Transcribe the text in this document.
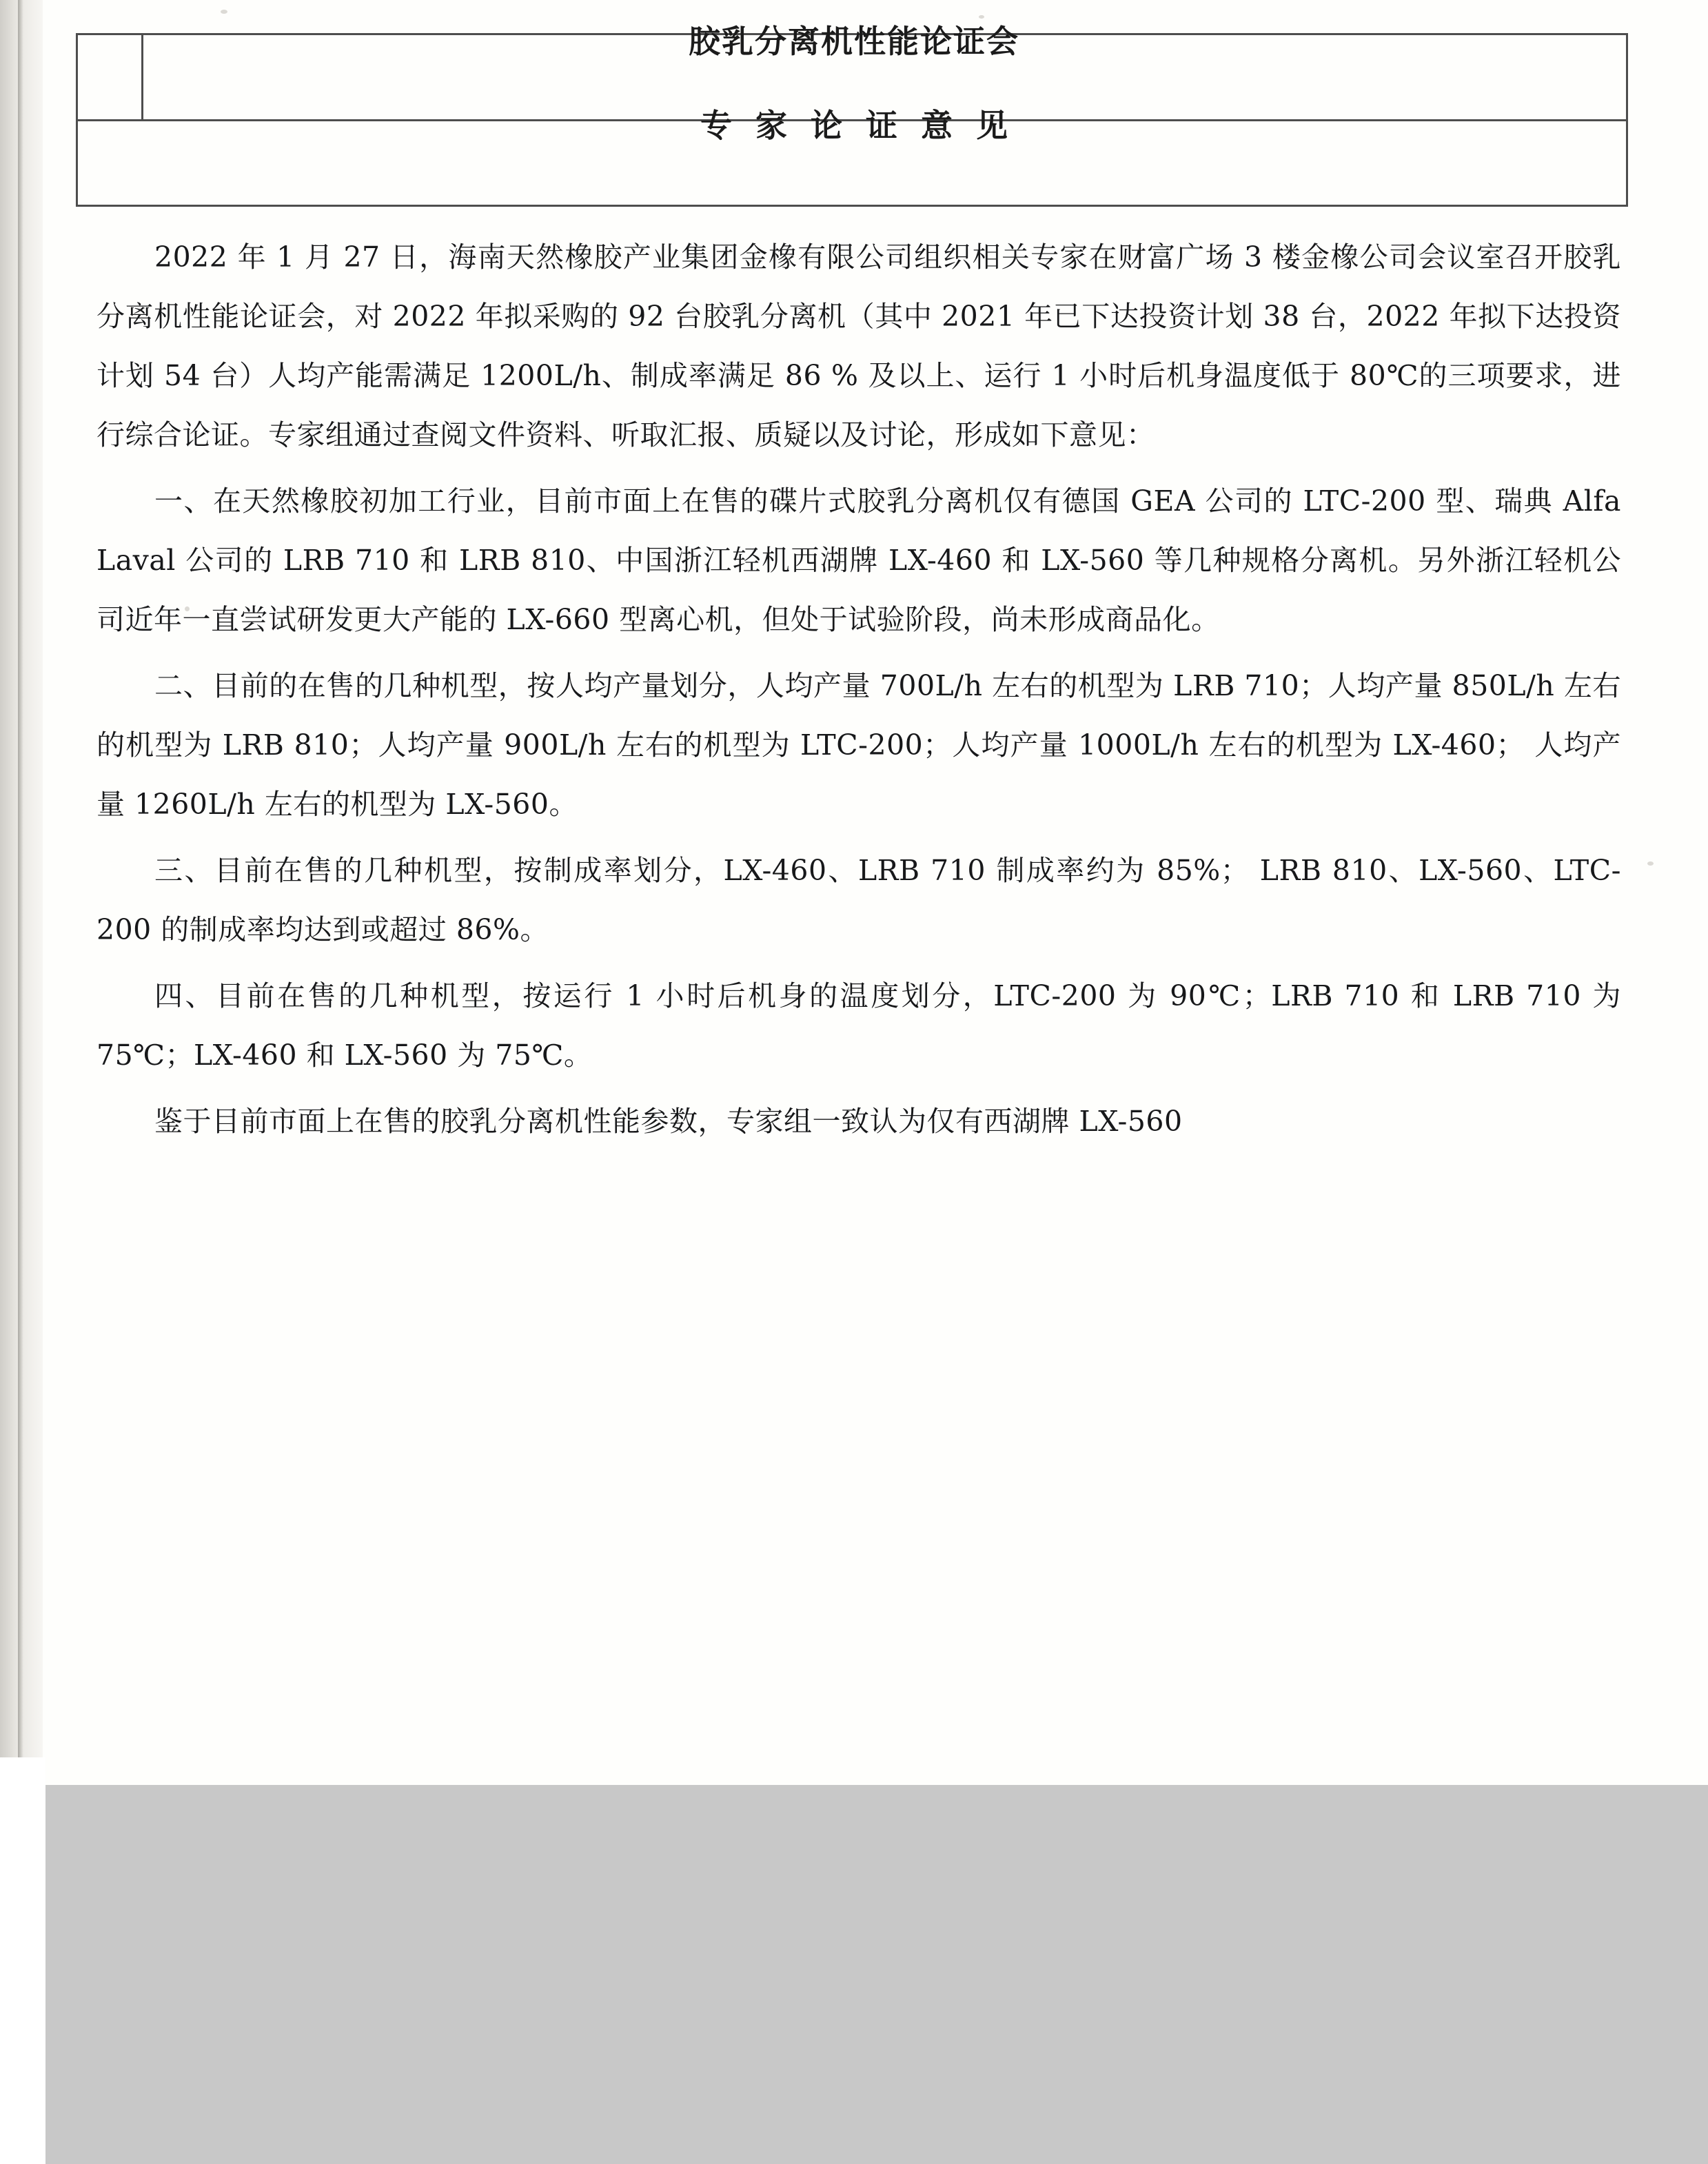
胶乳分离机性能论证会
专家论证意见

2022 年 1 月 27 日，海南天然橡胶产业集团金橡有限公司组织相关专家在财富广场 3 楼金橡公司会议室召开胶乳分离机性能论证会，对 2022 年拟采购的 92 台胶乳分离机（其中 2021 年已下达投资计划 38 台，2022 年拟下达投资计划 54 台）人均产能需满足 1200L/h、制成率满足 86 % 及以上、运行 1 小时后机身温度低于 80℃的三项要求，进行综合论证。专家组通过查阅文件资料、听取汇报、质疑以及讨论，形成如下意见：

一、在天然橡胶初加工行业，目前市面上在售的碟片式胶乳分离机仅有德国 GEA 公司的 LTC-200 型、瑞典 Alfa Laval 公司的 LRB 710 和 LRB 810、中国浙江轻机西湖牌 LX-460 和 LX-560 等几种规格分离机。另外浙江轻机公司近年一直尝试研发更大产能的 LX-660 型离心机，但处于试验阶段，尚未形成商品化。

二、目前的在售的几种机型，按人均产量划分，人均产量 700L/h 左右的机型为 LRB 710；人均产量 850L/h 左右的机型为 LRB 810；人均产量 900L/h 左右的机型为 LTC-200；人均产量 1000L/h 左右的机型为 LX-460； 人均产量 1260L/h 左右的机型为 LX-560。

三、目前在售的几种机型，按制成率划分，LX-460、LRB 710 制成率约为 85%； LRB 810、LX-560、LTC-200 的制成率均达到或超过 86%。

四、目前在售的几种机型，按运行 1 小时后机身的温度划分，LTC-200 为 90℃；LRB 710 和 LRB 710 为 75℃；LX-460 和 LX-560 为 75℃。

鉴于目前市面上在售的胶乳分离机性能参数，专家组一致认为仅有西湖牌 LX-560
